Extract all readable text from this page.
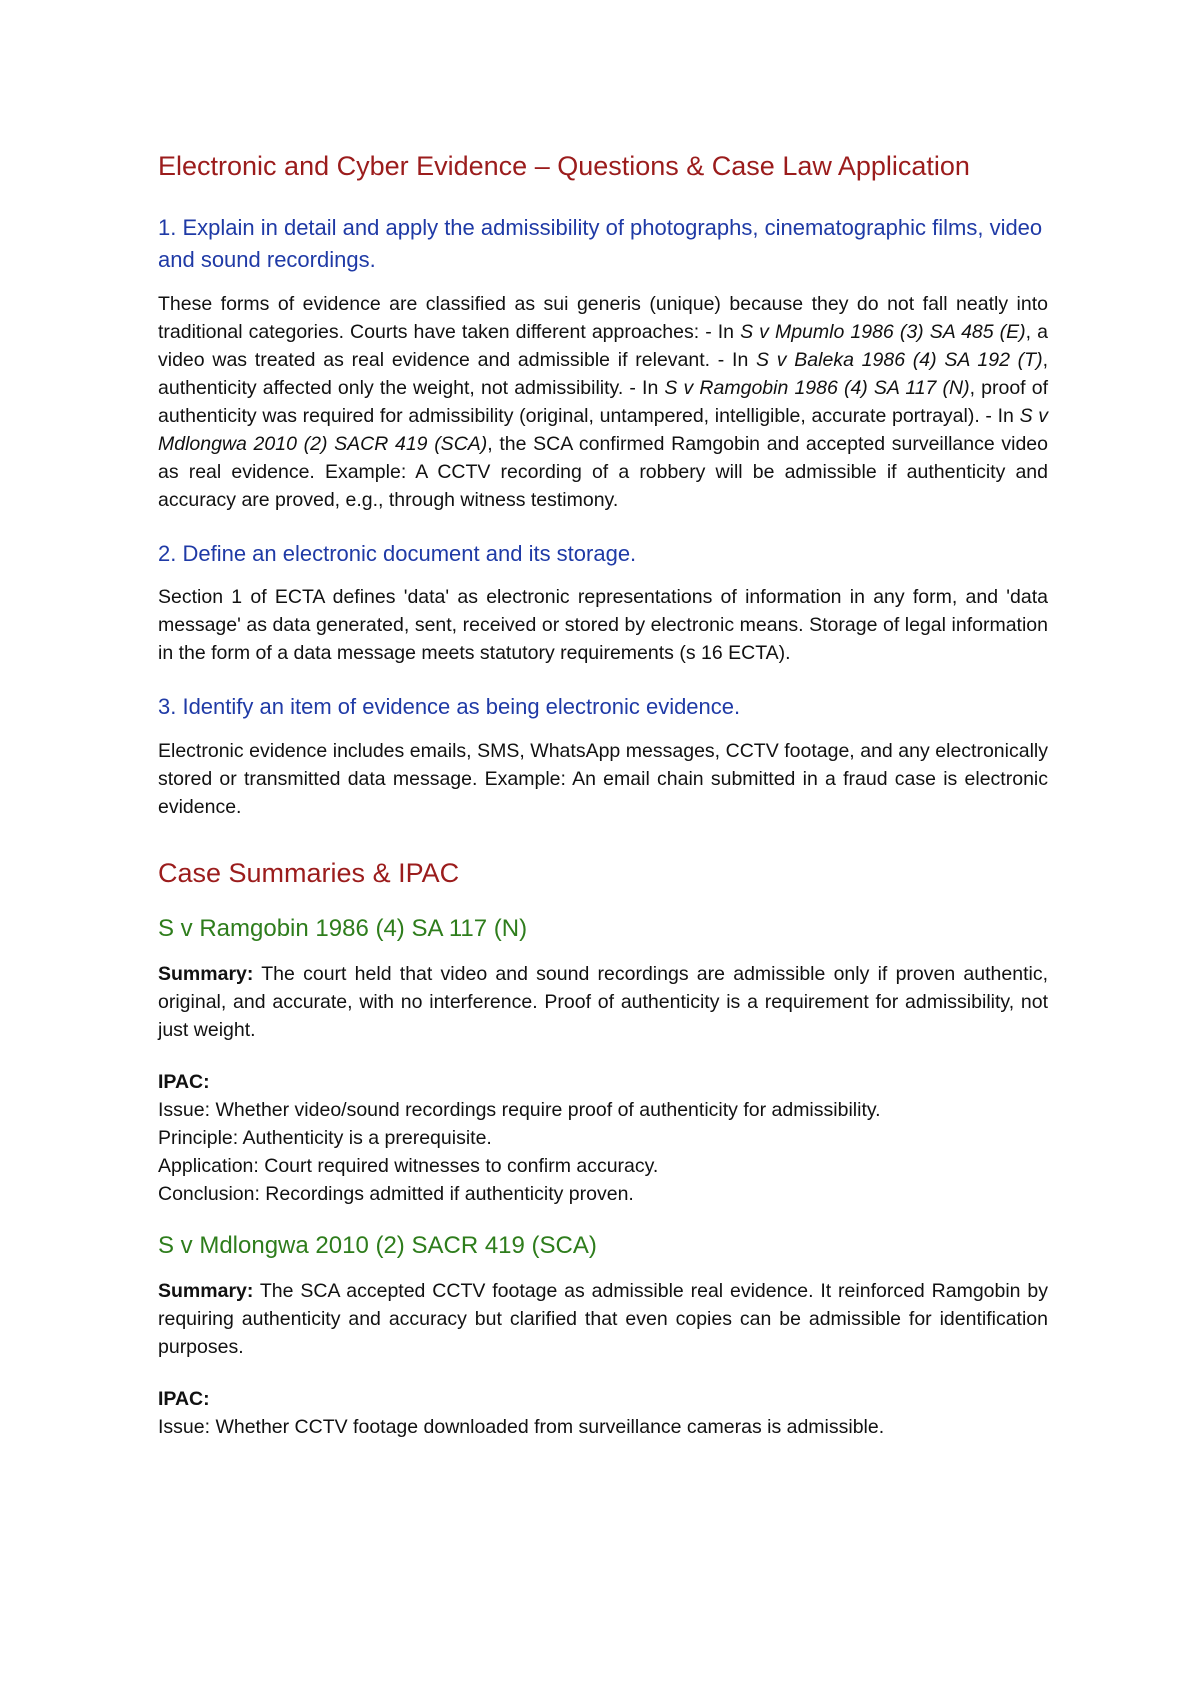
Electronic and Cyber Evidence – Questions & Case Law Application
1. Explain in detail and apply the admissibility of photographs, cinematographic films, video and sound recordings.

These forms of evidence are classified as sui generis (unique) because they do not fall neatly into traditional categories. Courts have taken different approaches: - In S v Mpumlo 1986 (3) SA 485 (E), a video was treated as real evidence and admissible if relevant. - In S v Baleka 1986 (4) SA 192 (T), authenticity affected only the weight, not admissibility. - In S v Ramgobin 1986 (4) SA 117 (N), proof of authenticity was required for admissibility (original, untampered, intelligible, accurate portrayal). - In S v Mdlongwa 2010 (2) SACR 419 (SCA), the SCA confirmed Ramgobin and accepted surveillance video as real evidence. Example: A CCTV recording of a robbery will be admissible if authenticity and accuracy are proved, e.g., through witness testimony.

2. Define an electronic document and its storage.

Section 1 of ECTA defines 'data' as electronic representations of information in any form, and 'data message' as data generated, sent, received or stored by electronic means. Storage of legal information in the form of a data message meets statutory requirements (s 16 ECTA).

3. Identify an item of evidence as being electronic evidence.

Electronic evidence includes emails, SMS, WhatsApp messages, CCTV footage, and any electronically stored or transmitted data message. Example: An email chain submitted in a fraud case is electronic evidence.

Case Summaries & IPAC
S v Ramgobin 1986 (4) SA 117 (N)

Summary: The court held that video and sound recordings are admissible only if proven authentic, original, and accurate, with no interference. Proof of authenticity is a requirement for admissibility, not just weight.

IPAC:

Issue: Whether video/sound recordings require proof of authenticity for admissibility.

Principle: Authenticity is a prerequisite.

Application: Court required witnesses to confirm accuracy.

Conclusion: Recordings admitted if authenticity proven.

S v Mdlongwa 2010 (2) SACR 419 (SCA)

Summary: The SCA accepted CCTV footage as admissible real evidence. It reinforced Ramgobin by requiring authenticity and accuracy but clarified that even copies can be admissible for identification purposes.

IPAC:

Issue: Whether CCTV footage downloaded from surveillance cameras is admissible.
